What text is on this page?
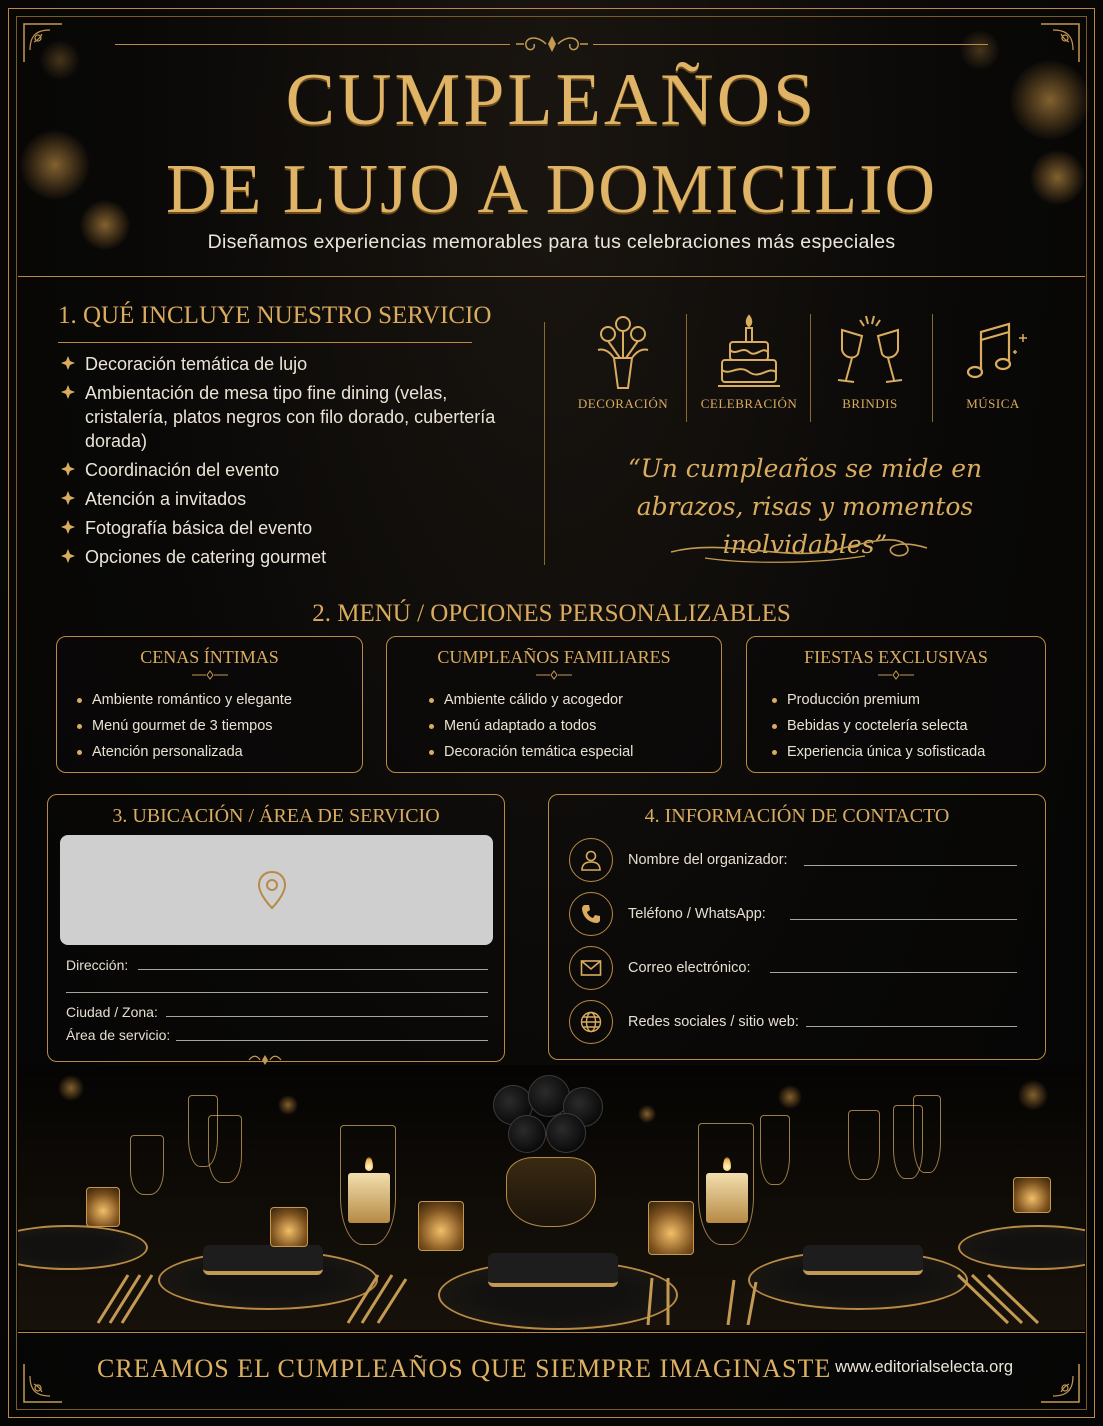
CUMPLEAÑOS
DE LUJO A DOMICILIO
Diseñamos experiencias memorables para tus celebraciones más especiales
1. QUÉ INCLUYE NUESTRO SERVICIO
Decoración temática de lujo
Ambientación de mesa tipo fine dining (velas, cristalería, platos negros con filo dorado, cubertería dorada)
Coordinación del evento
Atención a invitados
Fotografía básica del evento
Opciones de catering gourmet
DECORACIÓN	CELEBRACIÓN	BRINDIS	MÚSICA
“Un cumpleaños se mide en
abrazos, risas y momentos inolvidables”
2. MENÚ / OPCIONES PERSONALIZABLES
CENAS ÍNTIMAS
Ambiente romántico y elegante
Menú gourmet de 3 tiempos
Atención personalizada
CUMPLEAÑOS FAMILIARES
Ambiente cálido y acogedor
Menú adaptado a todos
Decoración temática especial
FIESTAS EXCLUSIVAS
Producción premium
Bebidas y coctelería selecta
Experiencia única y sofisticada
3. UBICACIÓN / ÁREA DE SERVICIO
Dirección:
Ciudad / Zona:
Área de servicio:
4. INFORMACIÓN DE CONTACTO
Nombre del organizador:
Teléfono / WhatsApp:
Correo electrónico:
Redes sociales / sitio web:
CREAMOS EL CUMPLEAÑOS QUE SIEMPRE IMAGINASTE www.editorialselecta.org
